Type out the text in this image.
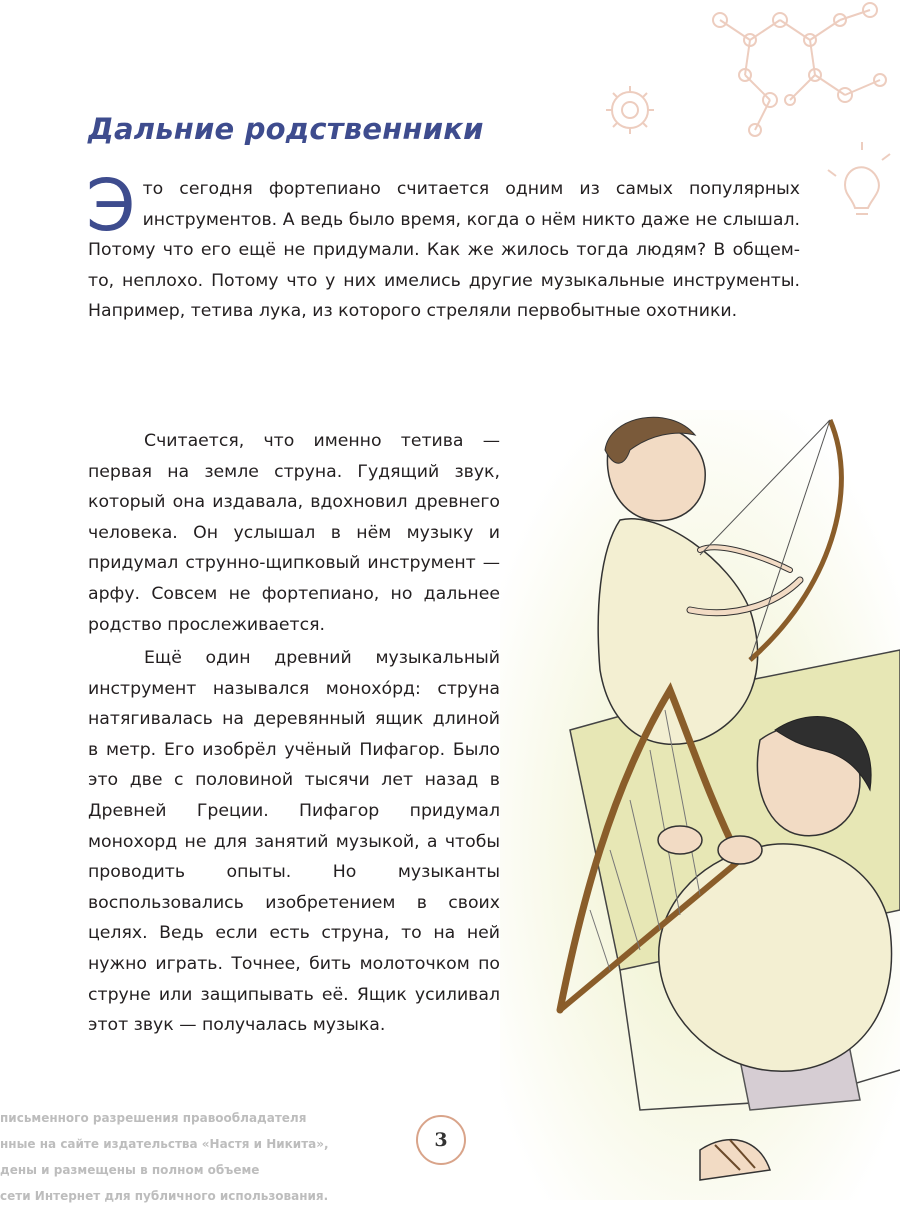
Дальние родственники

Это сегодня фортепиано считается одним из самых популярных инструментов. А ведь было время, когда о нём никто даже не слышал. Потому что его ещё не придумали. Как же жилось тогда людям? В общем-то, неплохо. Потому что у них имелись другие музыкальные инструменты. Например, тетива лука, из которого стреляли первобытные охотники.

Считается, что именно тетива — первая на земле струна. Гудящий звук, который она издавала, вдохновил древнего человека. Он услышал в нём музыку и придумал струнно-щипковый инструмент — арфу. Совсем не фортепиано, но дальнее родство прослеживается.

Ещё один древний музыкальный инструмент назывался монохо́рд: струна натягивалась на деревянный ящик длиной в метр. Его изобрёл учёный Пифагор. Было это две с половиной тысячи лет назад в Древней Греции. Пифагор придумал монохорд не для занятий музыкой, а чтобы проводить опыты. Но музыканты воспользовались изобретением в своих целях. Ведь если есть струна, то на ней нужно играть. Точнее, бить молоточком по струне или защипывать её. Ящик усиливал этот звук — получалась музыка.

письменного разрешения правообладателя
нные на сайте издательства «Настя и Никита»,
дены и размещены в полном объеме
сети Интернет для публичного использования.
3
